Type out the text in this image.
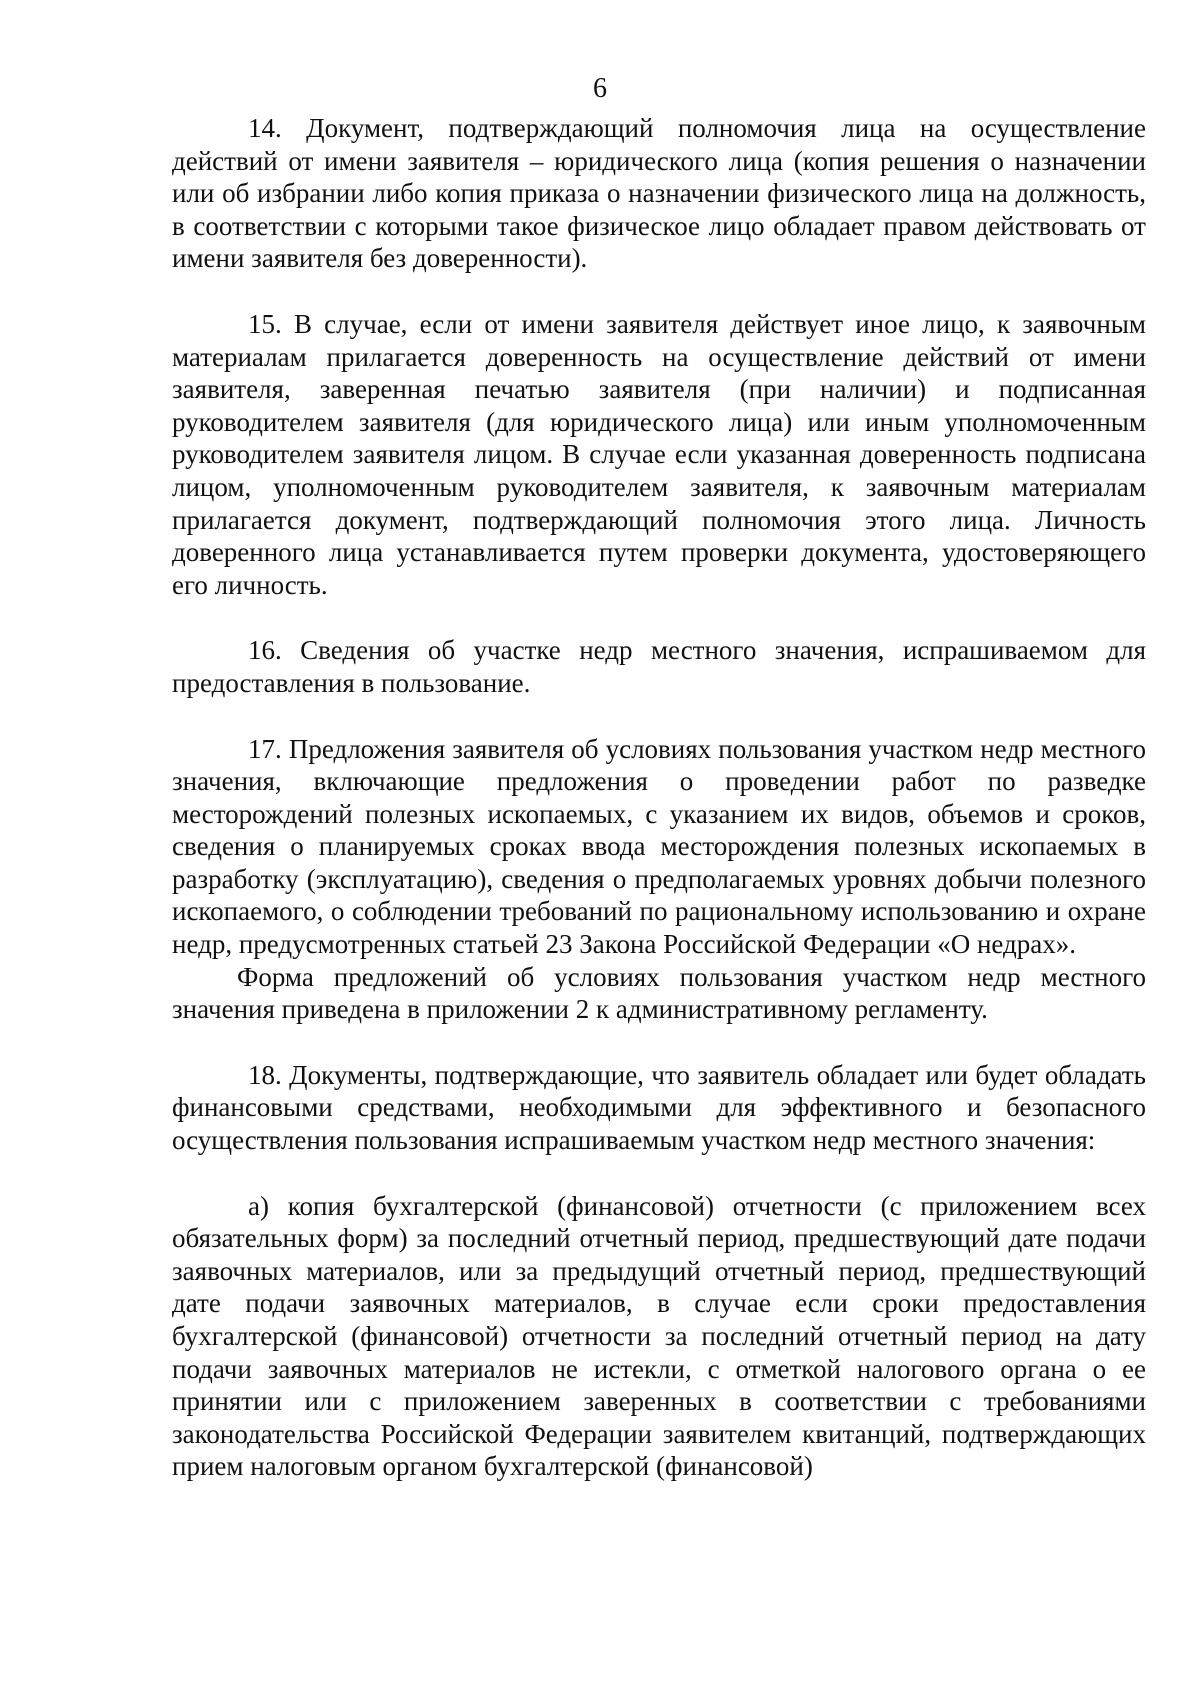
6

14. Документ, подтверждающий полномочия лица на осуществление действий от имени заявителя – юридического лица (копия решения о назначении или об избрании либо копия приказа о назначении физического лица на должность, в соответствии с которыми такое физическое лицо обладает правом действовать от имени заявителя без доверенности).

15. В случае, если от имени заявителя действует иное лицо, к заявочным материалам прилагается доверенность на осуществление действий от имени заявителя, заверенная печатью заявителя (при наличии) и подписанная руководителем заявителя (для юридического лица) или иным уполномоченным руководителем заявителя лицом. В случае если указанная доверенность подписана лицом, уполномоченным руководителем заявителя, к заявочным материалам прилагается документ, подтверждающий полномочия этого лица. Личность доверенного лица устанавливается путем проверки документа, удостоверяющего его личность.

16. Сведения об участке недр местного значения, испрашиваемом для предоставления в пользование.

17. Предложения заявителя об условиях пользования участком недр местного значения, включающие предложения о проведении работ по разведке месторождений полезных ископаемых, с указанием их видов, объемов и сроков, сведения о планируемых сроках ввода месторождения полезных ископаемых в разработку (эксплуатацию), сведения о предполагаемых уровнях добычи полезного ископаемого, о соблюдении требований по рациональному использованию и охране недр, предусмотренных статьей 23 Закона Российской Федерации «О недрах».

Форма предложений об условиях пользования участком недр местного значения приведена в приложении 2 к административному регламенту.

18. Документы, подтверждающие, что заявитель обладает или будет обладать финансовыми средствами, необходимыми для эффективного и безопасного осуществления пользования испрашиваемым участком недр местного значения:

а) копия бухгалтерской (финансовой) отчетности (с приложением всех обязательных форм) за последний отчетный период, предшествующий дате подачи заявочных материалов, или за предыдущий отчетный период, предшествующий дате подачи заявочных материалов, в случае если сроки предоставления бухгалтерской (финансовой) отчетности за последний отчетный период на дату подачи заявочных материалов не истекли, с отметкой налогового органа о ее принятии или с приложением заверенных в соответствии с требованиями законодательства Российской Федерации заявителем квитанций, подтверждающих прием налоговым органом бухгалтерской (финансовой)
